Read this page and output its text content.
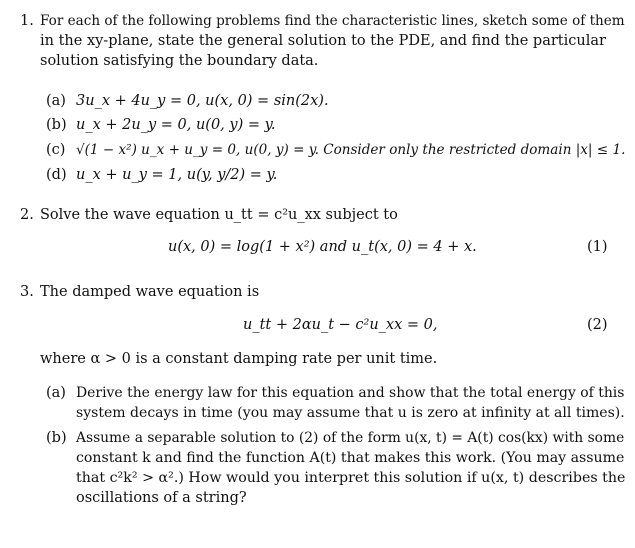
1. For each of the following problems find the characteristic lines, sketch some of them
in the xy-plane, state the general solution to the PDE, and find the particular
solution satisfying the boundary data.
(a) 3u_x + 4u_y = 0, u(x, 0) = sin(2x).
(b) u_x + 2u_y = 0, u(0, y) = y.
(c) √(1 − x²) u_x + u_y = 0, u(0, y) = y. Consider only the restricted domain |x| ≤ 1.
(d) u_x + u_y = 1, u(y, y/2) = y.
2. Solve the wave equation u_tt = c²u_xx subject to
u(x, 0) = log(1 + x²) and u_t(x, 0) = 4 + x.	(1)
3. The damped wave equation is
u_tt + 2αu_t − c²u_xx = 0,	(2)
where α > 0 is a constant damping rate per unit time.
(a) Derive the energy law for this equation and show that the total energy of this
system decays in time (you may assume that u is zero at infinity at all times).
(b) Assume a separable solution to (2) of the form u(x, t) = A(t) cos(kx) with some
constant k and find the function A(t) that makes this work. (You may assume
that c²k² > α².) How would you interpret this solution if u(x, t) describes the
oscillations of a string?
